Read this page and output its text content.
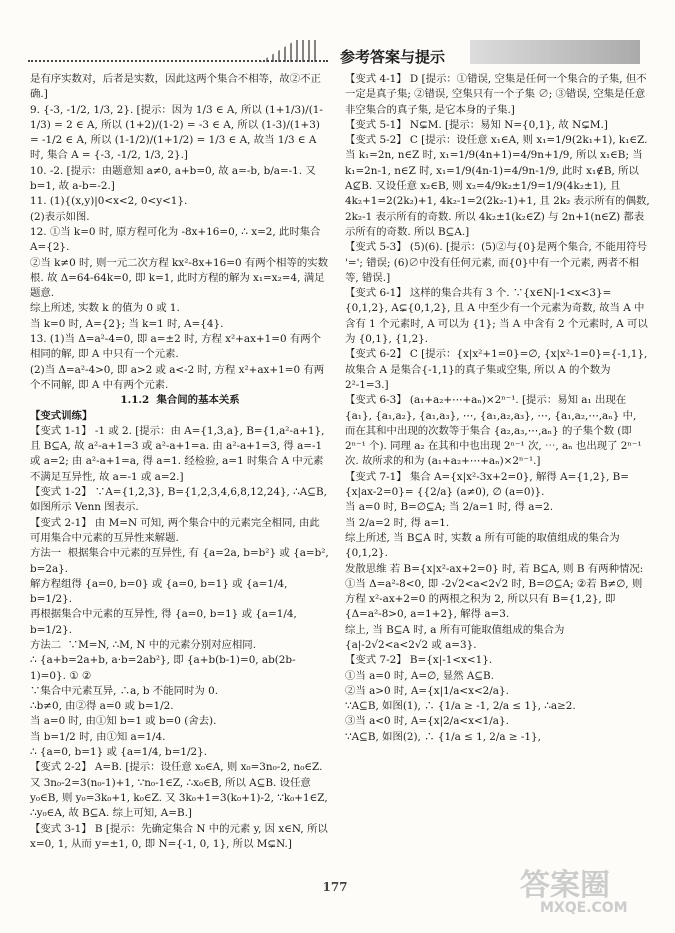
参考答案与提示

是有序实数对，后者是实数，因此这两个集合不相等，故②不正确.]

9. {-3, -1/2, 1/3, 2}. [提示：因为 1/3 ∈ A, 所以 (1+1/3)/(1-1/3) = 2 ∈ A, 所以 (1+2)/(1-2) = -3 ∈ A, 所以 (1-3)/(1+3) = -1/2 ∈ A, 所以 (1-1/2)/(1+1/2) = 1/3 ∈ A, 故当 1/3 ∈ A 时, 集合 A = {-3, -1/2, 1/3, 2}.]

10. -2. [提示：由题意知 a≠0, a+b=0, 故 a=-b, b/a=-1. 又 b=1, 故 a-b=-2.]

11. (1){(x,y)|0<x<2, 0<y<1}.

(2)表示如图.

12. ①当 k=0 时, 原方程可化为 -8x+16=0, ∴ x=2, 此时集合 A={2}.

②当 k≠0 时, 则一元二次方程 kx²-8x+16=0 有两个相等的实数根. 故 Δ=64-64k=0, 即 k=1, 此时方程的解为 x₁=x₂=4, 满足题意.

综上所述, 实数 k 的值为 0 或 1.

当 k=0 时, A={2}; 当 k=1 时, A={4}.

13. (1)当 Δ=a²-4=0, 即 a=±2 时, 方程 x²+ax+1=0 有两个相同的解, 即 A 中只有一个元素.

(2)当 Δ=a²-4>0, 即 a>2 或 a<-2 时, 方程 x²+ax+1=0 有两个不同解, 即 A 中有两个元素.

1.1.2  集合间的基本关系

【变式训练】

【变式 1-1】 -1 或 2. [提示：由 A={1,3,a}, B={1,a²-a+1}, 且 B⊆A, 故 a²-a+1=3 或 a²-a+1=a. 由 a²-a+1=3, 得 a=-1 或 a=2; 由 a²-a+1=a, 得 a=1. 经检验, a=1 时集合 A 中元素不满足互异性, 故 a=-1 或 a=2.]

【变式 1-2】 ∵A={1,2,3}, B={1,2,3,4,6,8,12,24}, ∴A⊆B, 如图所示 Venn 图表示.

【变式 2-1】 由 M=N 可知, 两个集合中的元素完全相同, 由此可用集合中元素的互异性来解题.

方法一  根据集合中元素的互异性, 有 {a=2a, b=b²} 或 {a=b², b=2a}.

解方程组得 {a=0, b=0} 或 {a=0, b=1} 或 {a=1/4, b=1/2}.

再根据集合中元素的互异性, 得 {a=0, b=1} 或 {a=1/4, b=1/2}.

方法二  ∵M=N, ∴M, N 中的元素分别对应相同.

∴ {a+b=2a+b, a·b=2ab²}, 即 {a+b(b-1)=0, ab(2b-1)=0}. ① ②

∵集合中元素互异, ∴a, b 不能同时为 0.

∴b≠0, 由②得 a=0 或 b=1/2.

当 a=0 时, 由①知 b=1 或 b=0 (舍去).

当 b=1/2 时, 由①知 a=1/4.

∴ {a=0, b=1} 或 {a=1/4, b=1/2}.

【变式 2-2】 A=B. [提示：设任意 x₀∈A, 则 x₀=3n₀-2, n₀∈Z. 又 3n₀-2=3(n₀-1)+1, ∵n₀-1∈Z, ∴x₀∈B, 所以 A⊆B. 设任意 y₀∈B, 则 y₀=3k₀+1, k₀∈Z. 又 3k₀+1=3(k₀+1)-2, ∵k₀+1∈Z, ∴y₀∈A, 故 B⊆A. 综上可知, A=B.]

【变式 3-1】 B [提示：先确定集合 N 中的元素 y, 因 x∈N, 所以 x=0, 1, 从而 y=±1, 0, 即 N={-1, 0, 1}, 所以 M⊊N.]

【变式 4-1】 D [提示：①错误, 空集是任何一个集合的子集, 但不一定是真子集; ②错误, 空集只有一个子集 ∅; ③错误, 空集是任意非空集合的真子集, 是它本身的子集.]

【变式 5-1】 N⊊M. [提示：易知 N={0,1}, 故 N⊊M.]

【变式 5-2】 C [提示：设任意 x₁∈A, 则 x₁=1/9(2k₁+1), k₁∈Z. 当 k₁=2n, n∈Z 时, x₁=1/9(4n+1)=4/9n+1/9, 所以 x₁∈B; 当 k₁=2n-1, n∈Z 时, x₁=1/9(4n-1)=4/9n-1/9, 此时 x₁∉B, 所以 A⊈B. 又设任意 x₂∈B, 则 x₂=4/9k₂±1/9=1/9(4k₂±1), 且 4k₂+1=2(2k₂)+1, 4k₂-1=2(2k₂-1)+1, 且 2k₂ 表示所有的偶数, 2k₂-1 表示所有的奇数. 所以 4k₂±1(k₂∈Z) 与 2n+1(n∈Z) 都表示所有的奇数. 所以 B⊆A.]

【变式 5-3】 (5)(6). [提示：(5)②与{0}是两个集合, 不能用符号 '='; 错误; (6)∅中没有任何元素, 而{0}中有一个元素, 两者不相等, 错误.]

【变式 6-1】 这样的集合共有 3 个. ∵{x∈N|-1<x<3}={0,1,2}, A⊊{0,1,2}, 且 A 中至少有一个元素为奇数, 故当 A 中含有 1 个元素时, A 可以为 {1}; 当 A 中含有 2 个元素时, A 可以为 {0,1}, {1,2}.

【变式 6-2】 C [提示：{x|x²+1=0}=∅, {x|x²-1=0}={-1,1}, 故集合 A 是集合{-1,1}的真子集或空集, 所以 A 的个数为 2²-1=3.]

【变式 6-3】 (a₁+a₂+⋯+aₙ)×2ⁿ⁻¹. [提示：易知 a₁ 出现在{a₁}, {a₁,a₂}, {a₁,a₃}, ⋯, {a₁,a₂,a₃}, ⋯, {a₁,a₂,⋯,aₙ} 中, 而在其和中出现的次数等于集合 {a₂,a₃,⋯,aₙ} 的子集个数 (即 2ⁿ⁻¹ 个). 同理 a₂ 在其和中也出现 2ⁿ⁻¹ 次, ⋯, aₙ 也出现了 2ⁿ⁻¹ 次. 故所求的和为 (a₁+a₂+⋯+aₙ)×2ⁿ⁻¹.]

【变式 7-1】 集合 A={x|x²-3x+2=0}, 解得 A={1,2}, B={x|ax-2=0}= {{2/a} (a≠0), ∅ (a=0)}.

当 a=0 时, B=∅⊆A; 当 2/a=1 时, 得 a=2.

当 2/a=2 时, 得 a=1.

综上所述, 当 B⊆A 时, 实数 a 所有可能的取值组成的集合为 {0,1,2}.

发散思维 若 B={x|x²-ax+2=0} 时, 若 B⊆A, 则 B 有两种情况: ①当 Δ=a²-8<0, 即 -2√2<a<2√2 时, B=∅⊆A; ②若 B≠∅, 则方程 x²-ax+2=0 的两根之积为 2, 所以只有 B={1,2}, 即 {Δ=a²-8>0, a=1+2}, 解得 a=3.

综上, 当 B⊆A 时, a 所有可能取值组成的集合为 {a|-2√2<a<2√2 或 a=3}.

【变式 7-2】 B={x|-1<x<1}.

①当 a=0 时, A=∅, 显然 A⊆B.

②当 a>0 时, A={x|1/a<x<2/a}.

∵A⊆B, 如图(1), ∴ {1/a ≥ -1, 2/a ≤ 1}, ∴a≥2.

③当 a<0 时, A={x|2/a<x<1/a}.

∵A⊆B, 如图(2), ∴ {1/a ≤ 1, 2/a ≥ -1},

177	答案圈
MXQE.COM
